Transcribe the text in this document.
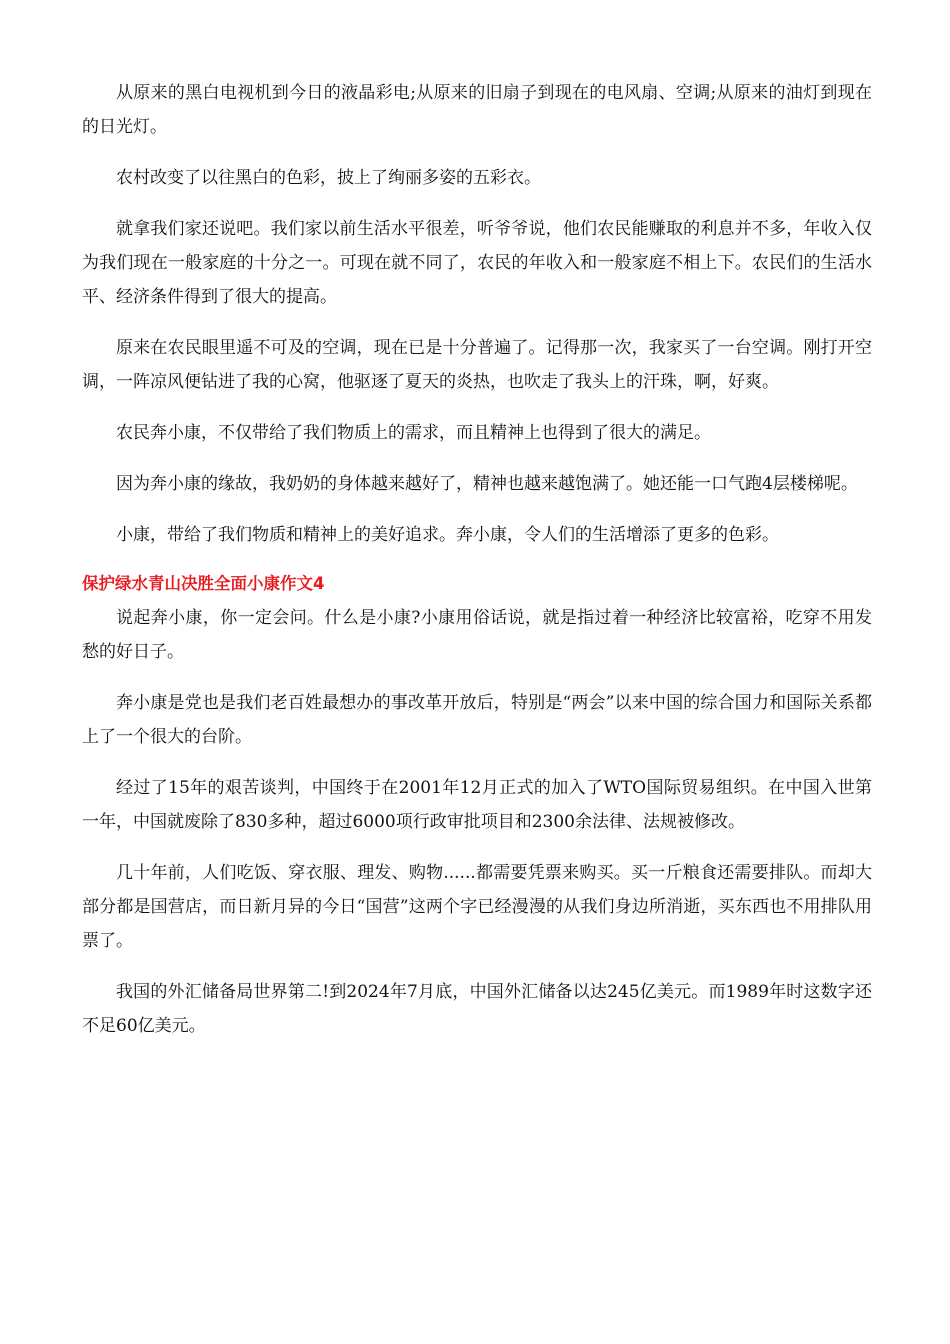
从原来的黑白电视机到今日的液晶彩电;从原来的旧扇子到现在的电风扇、空调;从原来的油灯到现在的日光灯。

农村改变了以往黑白的色彩，披上了绚丽多姿的五彩衣。

就拿我们家还说吧。我们家以前生活水平很差，听爷爷说，他们农民能赚取的利息并不多，年收入仅为我们现在一般家庭的十分之一。可现在就不同了，农民的年收入和一般家庭不相上下。农民们的生活水平、经济条件得到了很大的提高。

原来在农民眼里遥不可及的空调，现在已是十分普遍了。记得那一次，我家买了一台空调。刚打开空调，一阵凉风便钻进了我的心窝，他驱逐了夏天的炎热，也吹走了我头上的汗珠，啊，好爽。

农民奔小康，不仅带给了我们物质上的需求，而且精神上也得到了很大的满足。

因为奔小康的缘故，我奶奶的身体越来越好了，精神也越来越饱满了。她还能一口气跑4层楼梯呢。

小康，带给了我们物质和精神上的美好追求。奔小康，令人们的生活增添了更多的色彩。

保护绿水青山决胜全面小康作文4

说起奔小康，你一定会问。什么是小康?小康用俗话说，就是指过着一种经济比较富裕，吃穿不用发愁的好日子。

奔小康是党也是我们老百姓最想办的事改革开放后，特别是“两会”以来中国的综合国力和国际关系都上了一个很大的台阶。

经过了15年的艰苦谈判，中国终于在2001年12月正式的加入了WTO国际贸易组织。在中国入世第一年，中国就废除了830多种，超过6000项行政审批项目和2300余法律、法规被修改。

几十年前，人们吃饭、穿衣服、理发、购物......都需要凭票来购买。买一斤粮食还需要排队。而却大部分都是国营店，而日新月异的今日“国营”这两个字已经漫漫的从我们身边所消逝，买东西也不用排队用票了。

我国的外汇储备局世界第二!到2024年7月底，中国外汇储备以达245亿美元。而1989年时这数字还不足60亿美元。
